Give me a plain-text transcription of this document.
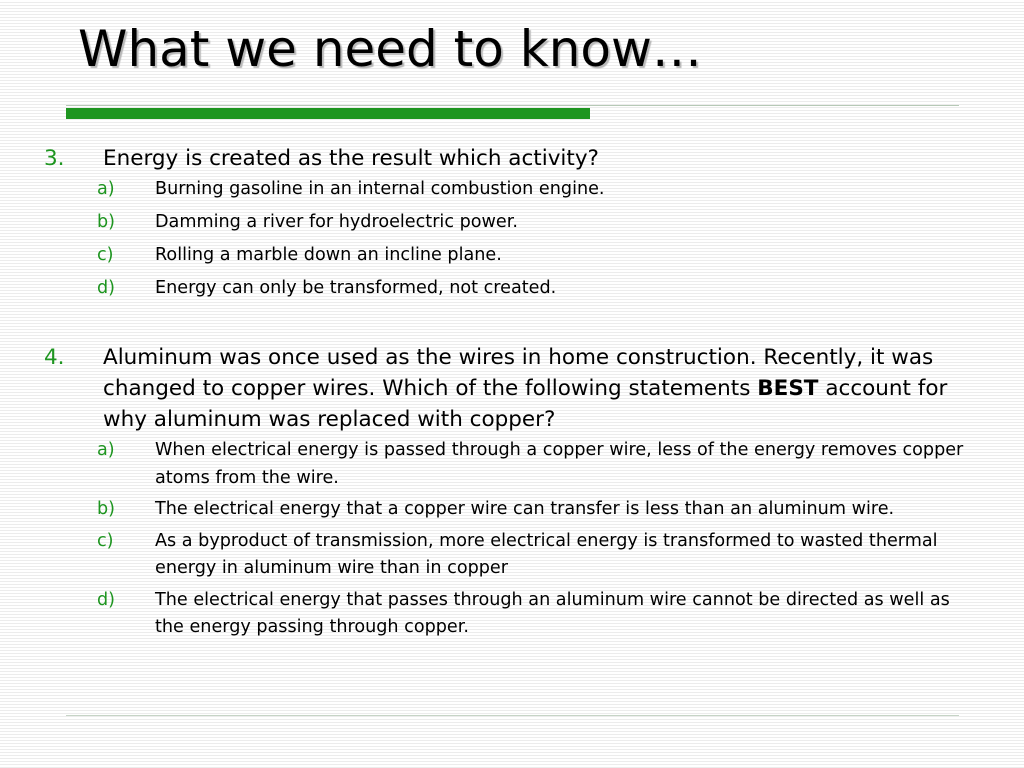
What we need to know…
3.	Energy is created as the result which activity?
a)	Burning gasoline in an internal combustion engine.
b)	Damming a river for hydroelectric power.
c)	Rolling a marble down an incline plane.
d)	Energy can only be transformed, not created.
4.	Aluminum was once used as the wires in home construction. Recently, it was changed to copper wires. Which of the following statements BEST account for why aluminum was replaced with copper?
a)	When electrical energy is passed through a copper wire, less of the energy removes copper atoms from the wire.
b)	The electrical energy that a copper wire can transfer is less than an aluminum wire.
c)	As a byproduct of transmission, more electrical energy is transformed to wasted thermal energy in aluminum wire than in copper
d)	The electrical energy that passes through an aluminum wire cannot be directed as well as the energy passing through copper.
